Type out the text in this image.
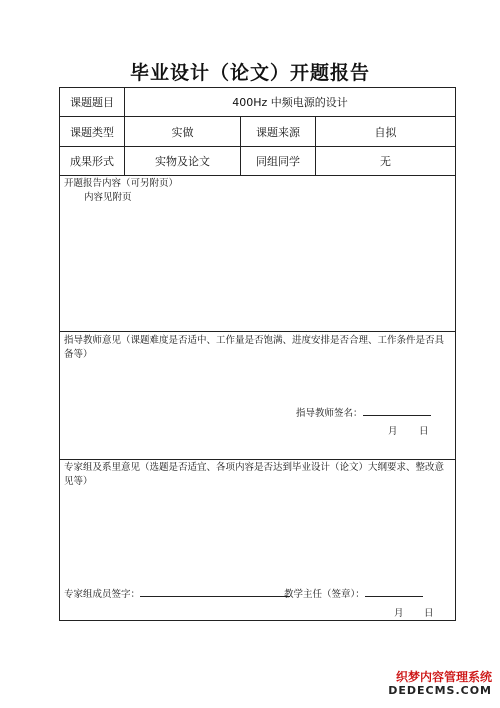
毕业设计（论文）开题报告
课题题目	400Hz 中频电源的设计
课题类型	实做	课题来源	自拟
成果形式	实物及论文	同组同学	无
开题报告内容（可另附页）
内容见附页
指导教师意见（课题难度是否适中、工作量是否饱满、进度安排是否合理、工作条件是否具备等）
指导教师签名：
月 日
专家组及系里意见（选题是否适宜、各项内容是否达到毕业设计（论文）大纲要求、整改意见等）
专家组成员签字：	教学主任（签章）：
月 日
织梦内容管理系统
DEDECMS.COM
